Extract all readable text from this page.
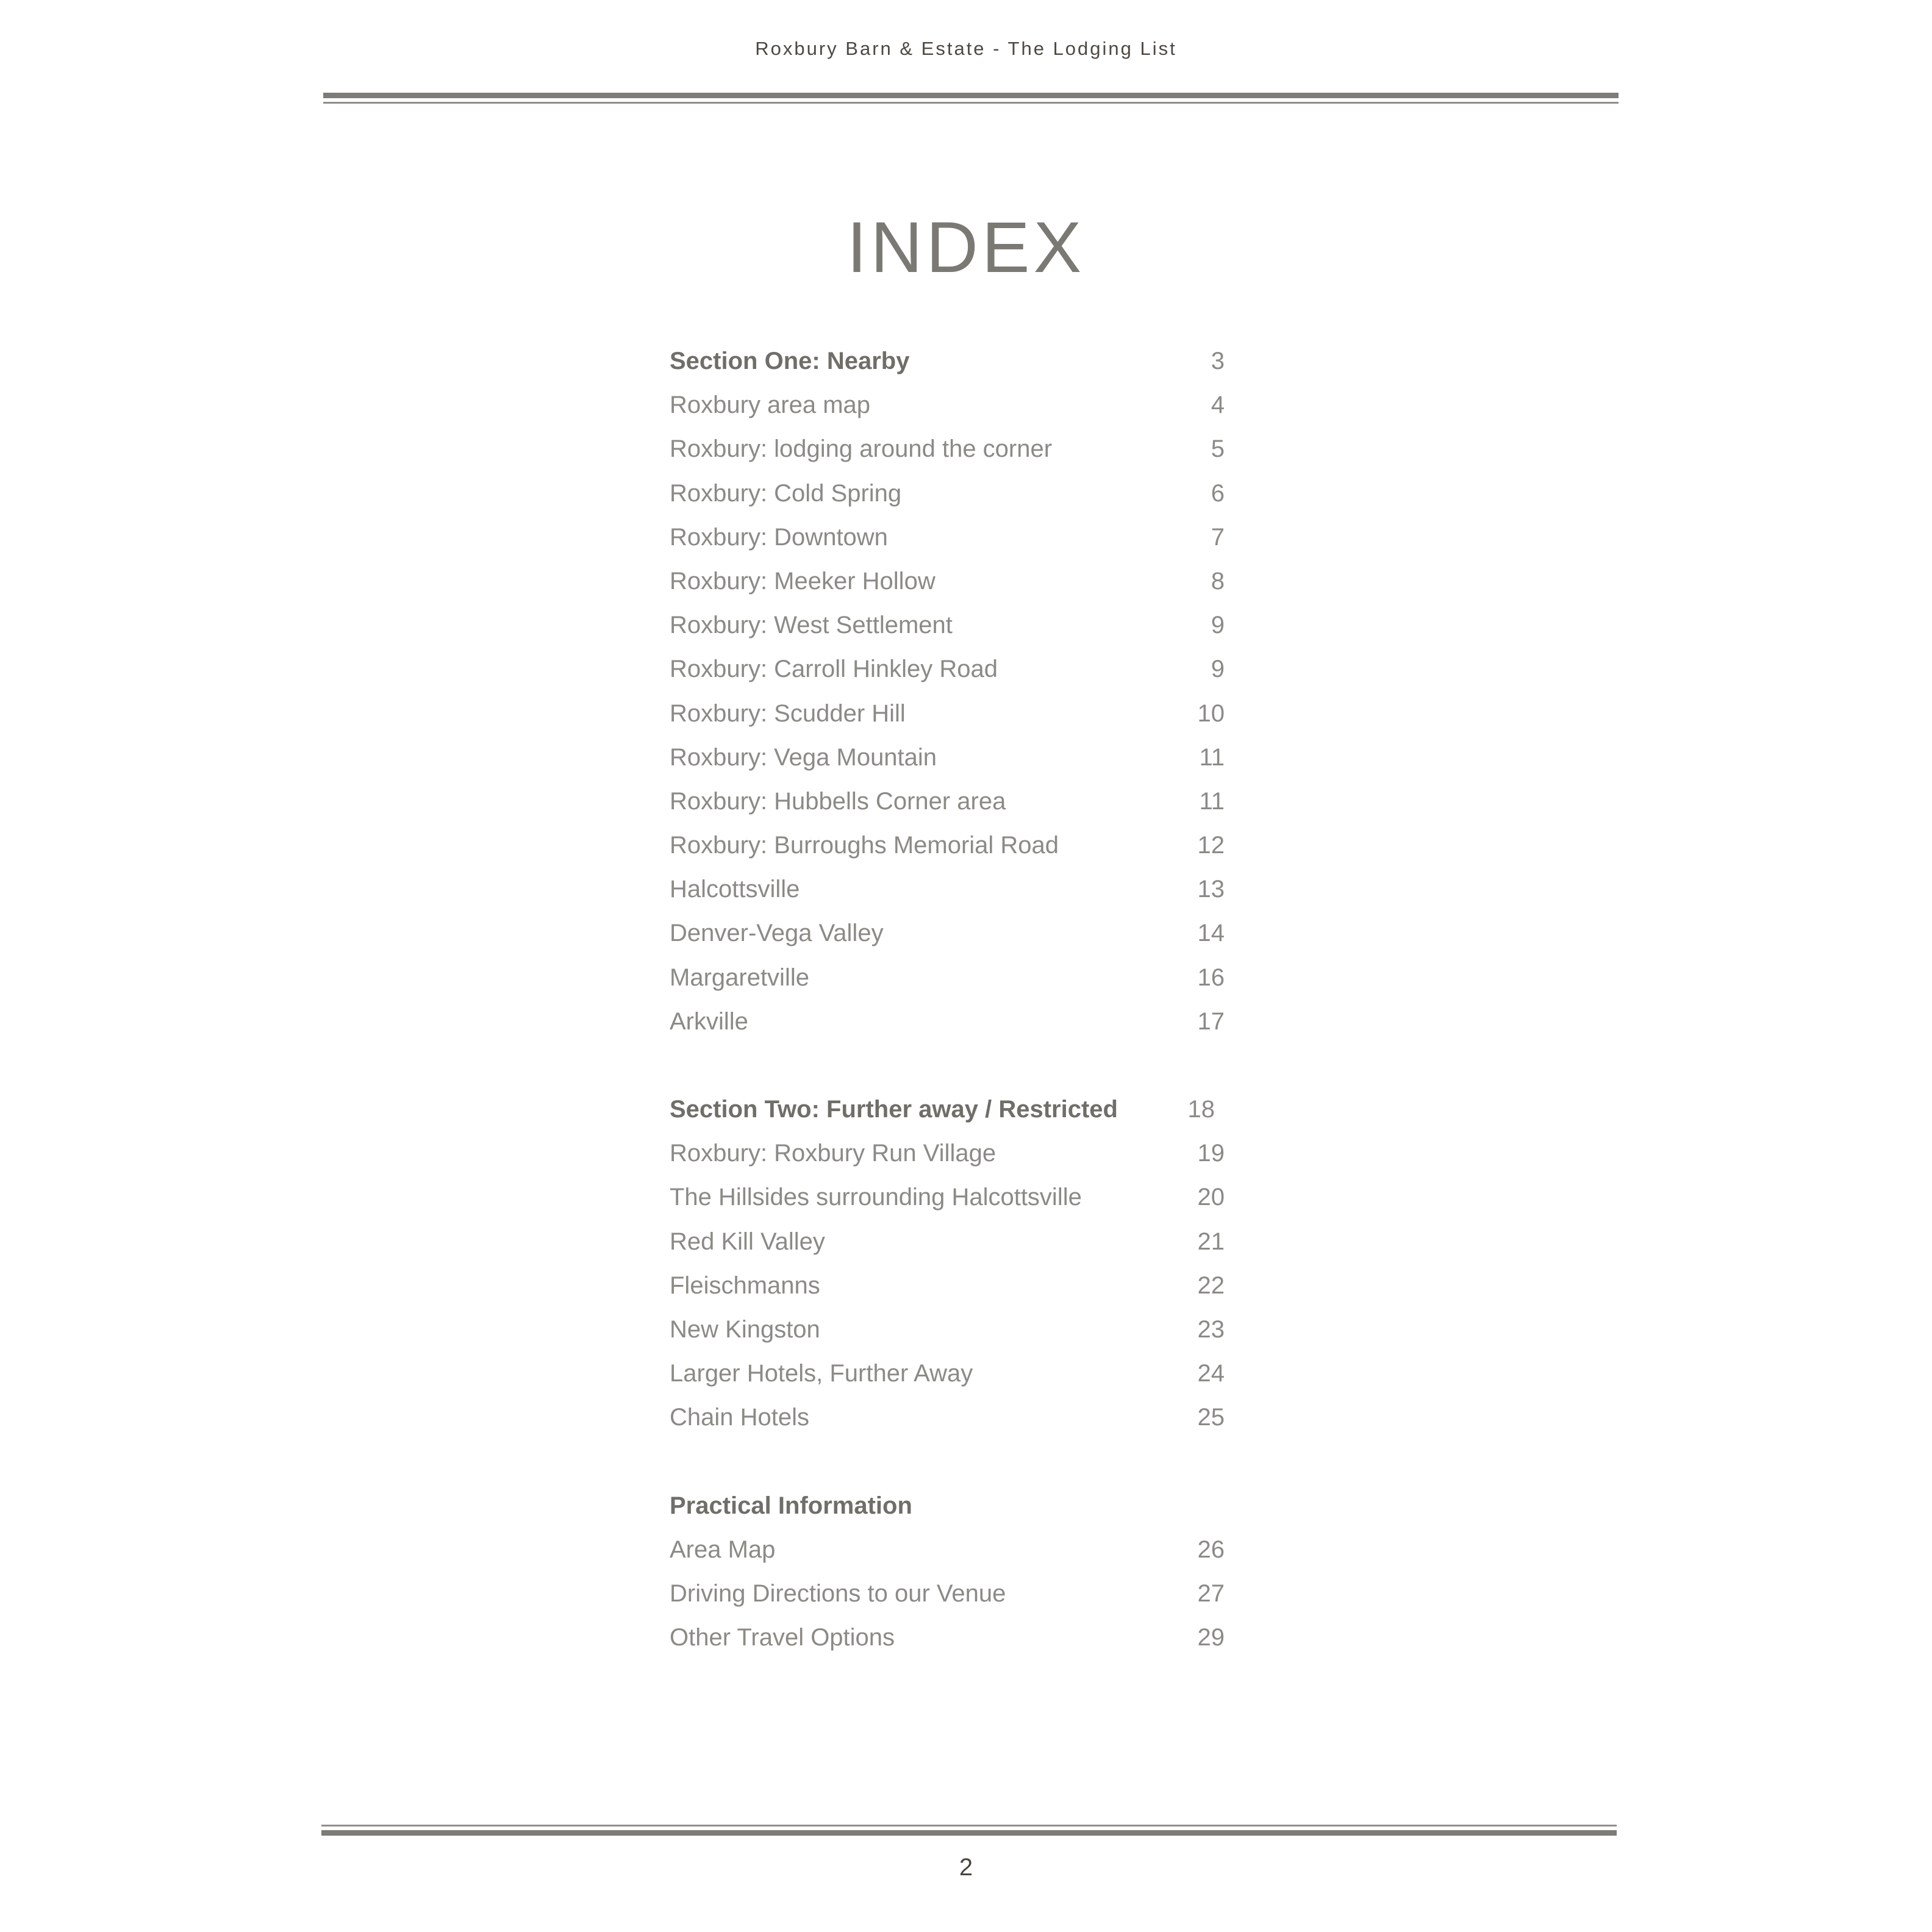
Roxbury Barn & Estate - The Lodging List
INDEX
Section One: Nearby	3
Roxbury area map	4
Roxbury: lodging around the corner	5
Roxbury: Cold Spring	6
Roxbury: Downtown	7
Roxbury: Meeker Hollow	8
Roxbury: West Settlement	9
Roxbury: Carroll Hinkley Road	9
Roxbury: Scudder Hill	10
Roxbury: Vega Mountain	11
Roxbury: Hubbells Corner area	11
Roxbury: Burroughs Memorial Road	12
Halcottsville	13
Denver-Vega Valley	14
Margaretville	16
Arkville	17
Section Two: Further away / Restricted	18
Roxbury: Roxbury Run Village	19
The Hillsides surrounding Halcottsville	20
Red Kill Valley	21
Fleischmanns	22
New Kingston	23
Larger Hotels, Further Away	24
Chain Hotels	25
Practical Information
Area Map	26
Driving Directions to our Venue	27
Other Travel Options	29
2
